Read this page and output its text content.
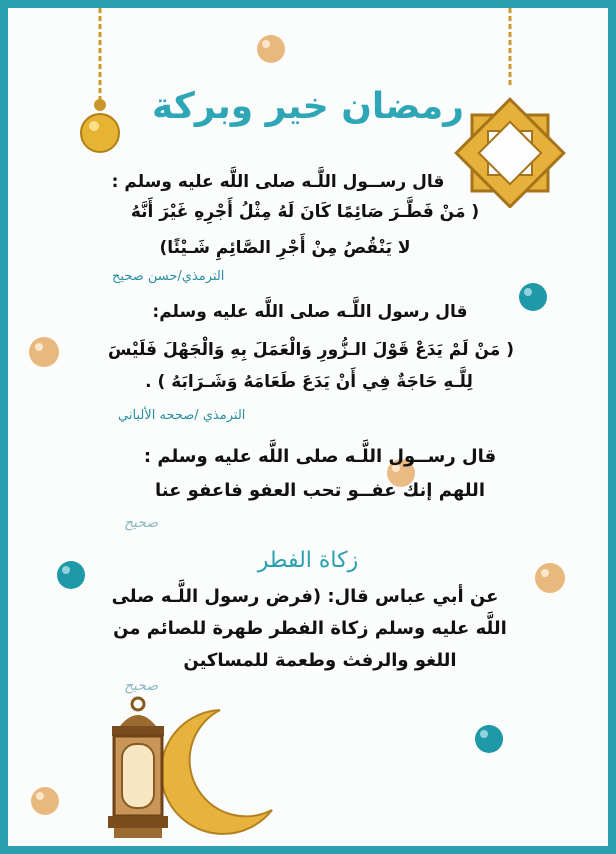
رمضان خير وبركة
قال رســول اللَّـه صلى اللَّه عليه وسلم :
( مَنْ فَطَّـرَ صَائِمًا كَانَ لَهُ مِثْلُ أَجْرِهِ غَيْرَ أَنَّهُ
لا يَنْقُصُ مِنْ أَجْرِ الصَّائِمِ شَـيْئًا)
الترمذي/حسن صحيح
قال رسول اللَّـه صلى اللَّه عليه وسلم:
( مَنْ لَمْ يَدَعْ قَوْلَ الـزُّورِ وَالْعَمَلَ بِهِ وَالْجَهْلَ فَلَيْسَ
لِلَّـهِ حَاجَةٌ فِي أَنْ يَدَعَ طَعَامَهُ وَشَـرَابَهُ ) .
الترمذي /صححه الألباني
قال رســول اللَّـه صلى اللَّه عليه وسلم :
اللهم إنك عفــو تحب العفو فاعفو عنا
صحيح
زكاة الفطر
عن أبي عباس قال: (فرض رسول اللَّـه صلى
اللَّه عليه وسلم زكاة الفطر طهرة للصائم من
اللغو والرفث وطعمة للمساكين
صحيح
